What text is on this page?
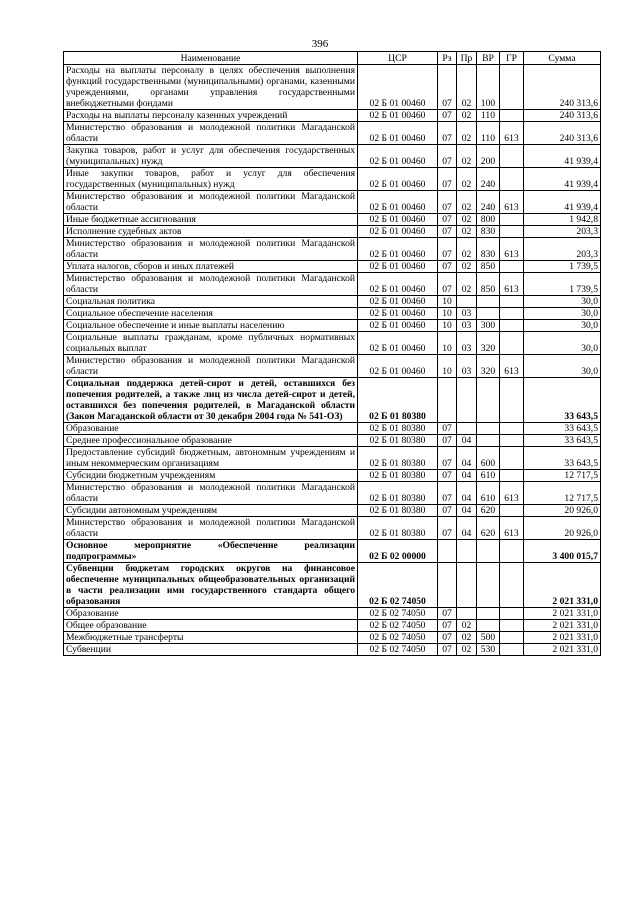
396
Наименование	ЦСР	Рз	Пр	ВР	ГР	Сумма
Расходы на выплаты персоналу в целях обеспечения выполнения функций государственными (муниципальными) органами, казенными учреждениями, органами управления государственными внебюджетными фондами	02 Б 01 00460	07	02	100		240 313,6
Расходы на выплаты персоналу казенных учреждений	02 Б 01 00460	07	02	110		240 313,6
Министерство образования и молодежной политики Магаданской области	02 Б 01 00460	07	02	110	613	240 313,6
Закупка товаров, работ и услуг для обеспечения государственных (муниципальных) нужд	02 Б 01 00460	07	02	200		41 939,4
Иные закупки товаров, работ и услуг для обеспечения государственных (муниципальных) нужд	02 Б 01 00460	07	02	240		41 939,4
Министерство образования и молодежной политики Магаданской области	02 Б 01 00460	07	02	240	613	41 939,4
Иные бюджетные ассигнования	02 Б 01 00460	07	02	800		1 942,8
Исполнение судебных актов	02 Б 01 00460	07	02	830		203,3
Министерство образования и молодежной политики Магаданской области	02 Б 01 00460	07	02	830	613	203,3
Уплата налогов, сборов и иных платежей	02 Б 01 00460	07	02	850		1 739,5
Министерство образования и молодежной политики Магаданской области	02 Б 01 00460	07	02	850	613	1 739,5
Социальная политика	02 Б 01 00460	10				30,0
Социальное обеспечение населения	02 Б 01 00460	10	03			30,0
Социальное обеспечение и иные выплаты населению	02 Б 01 00460	10	03	300		30,0
Социальные выплаты гражданам, кроме публичных нормативных социальных выплат	02 Б 01 00460	10	03	320		30,0
Министерство образования и молодежной политики Магаданской области	02 Б 01 00460	10	03	320	613	30,0
Социальная поддержка детей-сирот и детей, оставшихся без попечения родителей, а также лиц из числа детей-сирот и детей, оставшихся без попечения родителей, в Магаданской области (Закон Магаданской области от 30 декабря 2004 года № 541-ОЗ)	02 Б 01 80380					33 643,5
Образование	02 Б 01 80380	07				33 643,5
Среднее профессиональное образование	02 Б 01 80380	07	04			33 643,5
Предоставление субсидий бюджетным, автономным учреждениям и иным некоммерческим организациям	02 Б 01 80380	07	04	600		33 643,5
Субсидии бюджетным учреждениям	02 Б 01 80380	07	04	610		12 717,5
Министерство образования и молодежной политики Магаданской области	02 Б 01 80380	07	04	610	613	12 717,5
Субсидии автономным учреждениям	02 Б 01 80380	07	04	620		20 926,0
Министерство образования и молодежной политики Магаданской области	02 Б 01 80380	07	04	620	613	20 926,0
Основное мероприятие «Обеспечение реализации подпрограммы»	02 Б 02 00000					3 400 015,7
Субвенции бюджетам городских округов на финансовое обеспечение муниципальных общеобразовательных организаций в части реализации ими государственного стандарта общего образования	02 Б 02 74050					2 021 331,0
Образование	02 Б 02 74050	07				2 021 331,0
Общее образование	02 Б 02 74050	07	02			2 021 331,0
Межбюджетные трансферты	02 Б 02 74050	07	02	500		2 021 331,0
Субвенции	02 Б 02 74050	07	02	530		2 021 331,0
